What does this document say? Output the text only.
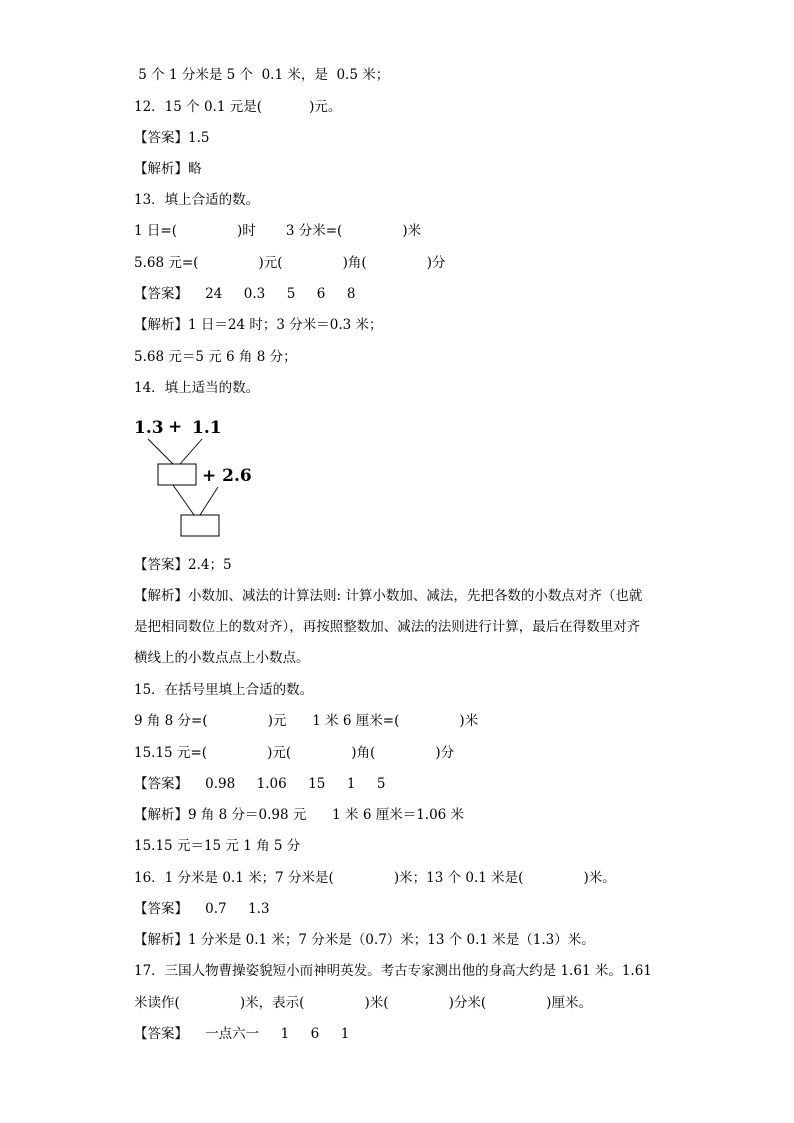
5 个 1 分米是 5 个  0.1 米，是  0.5 米；
12．15 个 0.1 元是(           )元。
【答案】1.5
【解析】略
13．填上合适的数。
1 日=(              )时       3 分米=(              )米
5.68 元=(              )元(              )角(              )分
【答案】    24     0.3     5     6     8
【解析】1 日＝24 时；3 分米＝0.3 米；
5.68 元＝5 元 6 角 8 分；
14．填上适当的数。
1.3 + 1.1
+ 2.6
【答案】2.4；5
【解析】小数加、减法的计算法则: 计算小数加、减法，先把各数的小数点对齐（也就
是把相同数位上的数对齐），再按照整数加、减法的法则进行计算，最后在得数里对齐
横线上的小数点点上小数点。
15．在括号里填上合适的数。
9 角 8 分=(              )元      1 米 6 厘米=(              )米
15.15 元=(              )元(              )角(              )分
【答案】    0.98     1.06     15     1     5
【解析】9 角 8 分＝0.98 元      1 米 6 厘米＝1.06 米
15.15 元＝15 元 1 角 5 分
16．1 分米是 0.1 米；7 分米是(              )米；13 个 0.1 米是(              )米。
【答案】    0.7     1.3
【解析】1 分米是 0.1 米；7 分米是（0.7）米；13 个 0.1 米是（1.3）米。
17．三国人物曹操姿貌短小而神明英发。考古专家测出他的身高大约是 1.61 米。1.61
米读作(              )米，表示(              )米(              )分米(              )厘米。
【答案】    一点六一     1     6     1
